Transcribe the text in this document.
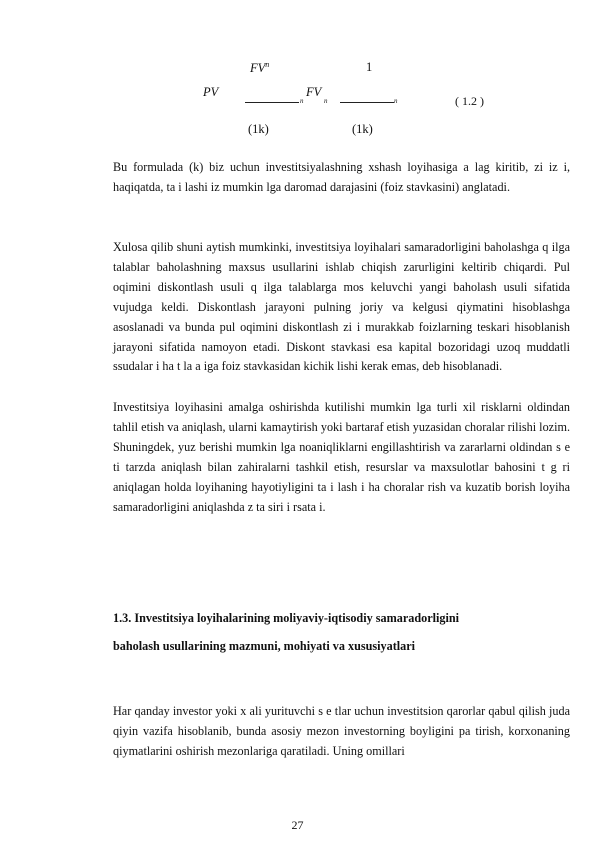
$FV^n$	1
PV
n
FV
n	n	( 1.2 )
(1k)	(1k)

Bu formulada (k) biz uchun investitsiyalashning xshash loyihasiga a lag kiritib, zi iz i, haqiqatda, ta i lashi iz mumkin lga daromad darajasini (foiz stavkasini) anglatadi.

Xulosa qilib shuni aytish mumkinki, investitsiya loyihalari samaradorligini baholashga q ilga talablar baholashning maxsus usullarini ishlab chiqish zarurligini keltirib chiqardi. Pul oqimini diskontlash usuli q ilga talablarga mos keluvchi yangi baholash usuli sifatida vujudga keldi. Diskontlash jarayoni pulning joriy va kelgusi qiymatini hisoblashga asoslanadi va bunda pul oqimini diskontlash zi i murakkab foizlarning teskari hisoblanish jarayoni sifatida namoyon etadi. Diskont stavkasi esa kapital bozoridagi uzoq muddatli ssudalar i ha t la a iga foiz stavkasidan kichik lishi kerak emas, deb hisoblanadi.

Investitsiya loyihasini amalga oshirishda kutilishi mumkin lga turli xil risklarni oldindan tahlil etish va aniqlash, ularni kamaytirish yoki bartaraf etish yuzasidan choralar rilishi lozim. Shuningdek, yuz berishi mumkin lga noaniqliklarni engillashtirish va zararlarni oldindan s e ti tarzda aniqlash bilan zahiralarni tashkil etish, resurslar va maxsulotlar bahosini t g ri aniqlagan holda loyihaning hayotiyligini ta i lash i ha choralar rish va kuzatib borish loyiha samaradorligini aniqlashda z ta siri i rsata i.

1.3. Investitsiya loyihalarining moliyaviy-iqtisodiy samaradorligini
baholash usullarining mazmuni, mohiyati va xususiyatlari

Har qanday investor yoki x ali yurituvchi s e tlar uchun investitsion qarorlar qabul qilish juda qiyin vazifa hisoblanib, bunda asosiy mezon investorning boyligini pa tirish, korxonaning qiymatlarini oshirish mezonlariga qaratiladi. Uning omillari

27
